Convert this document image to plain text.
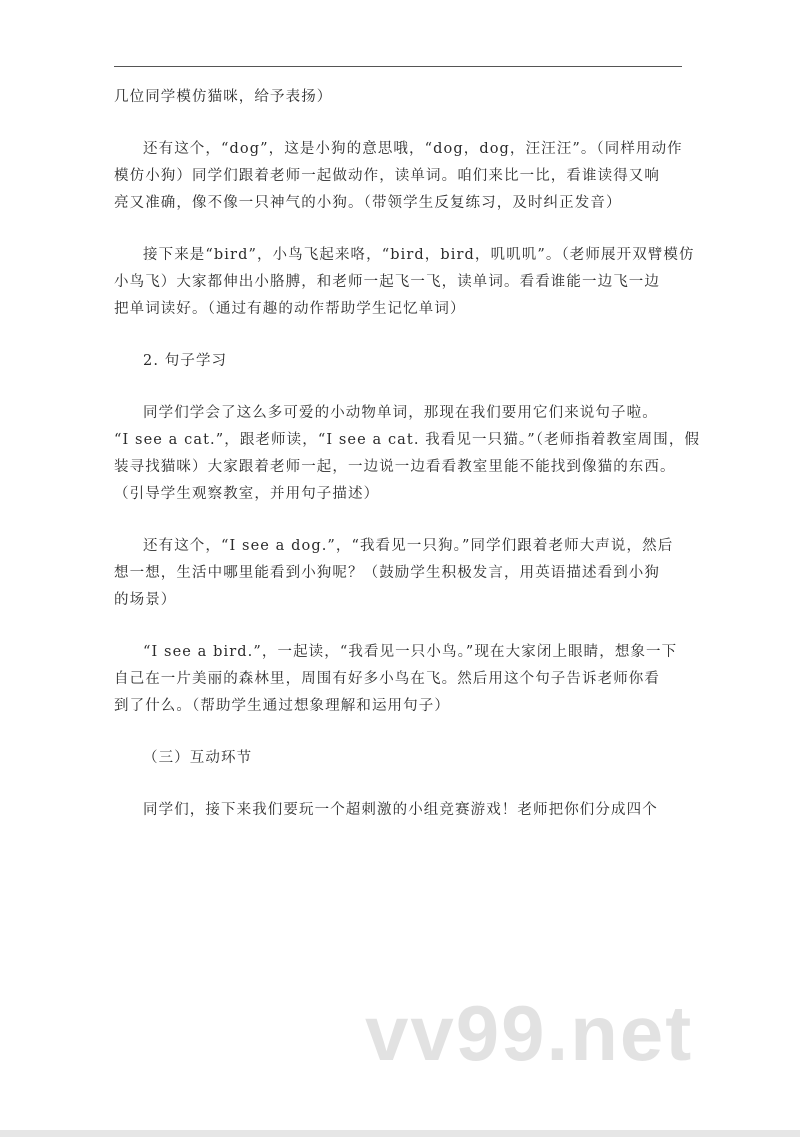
几位同学模仿猫咪，给予表扬）
还有这个，“dog”，这是小狗的意思哦，“dog，dog，汪汪汪”。（同样用动作
模仿小狗）同学们跟着老师一起做动作，读单词。咱们来比一比，看谁读得又响
亮又准确，像不像一只神气的小狗。（带领学生反复练习，及时纠正发音）
接下来是“bird”，小鸟飞起来咯，“bird，bird，叽叽叽”。（老师展开双臂模仿
小鸟飞）大家都伸出小胳膊，和老师一起飞一飞，读单词。看看谁能一边飞一边
把单词读好。（通过有趣的动作帮助学生记忆单词）
2. 句子学习
同学们学会了这么多可爱的小动物单词，那现在我们要用它们来说句子啦。
“I see a cat.”，跟老师读，“I see a cat. 我看见一只猫。”（老师指着教室周围，假
装寻找猫咪）大家跟着老师一起，一边说一边看看教室里能不能找到像猫的东西。
（引导学生观察教室，并用句子描述）
还有这个，“I see a dog.”，“我看见一只狗。”同学们跟着老师大声说，然后
想一想，生活中哪里能看到小狗呢？（鼓励学生积极发言，用英语描述看到小狗
的场景）
“I see a bird.”，一起读，“我看见一只小鸟。”现在大家闭上眼睛，想象一下
自己在一片美丽的森林里，周围有好多小鸟在飞。然后用这个句子告诉老师你看
到了什么。（帮助学生通过想象理解和运用句子）
（三）互动环节
同学们，接下来我们要玩一个超刺激的小组竞赛游戏！老师把你们分成四个
vv99.net
